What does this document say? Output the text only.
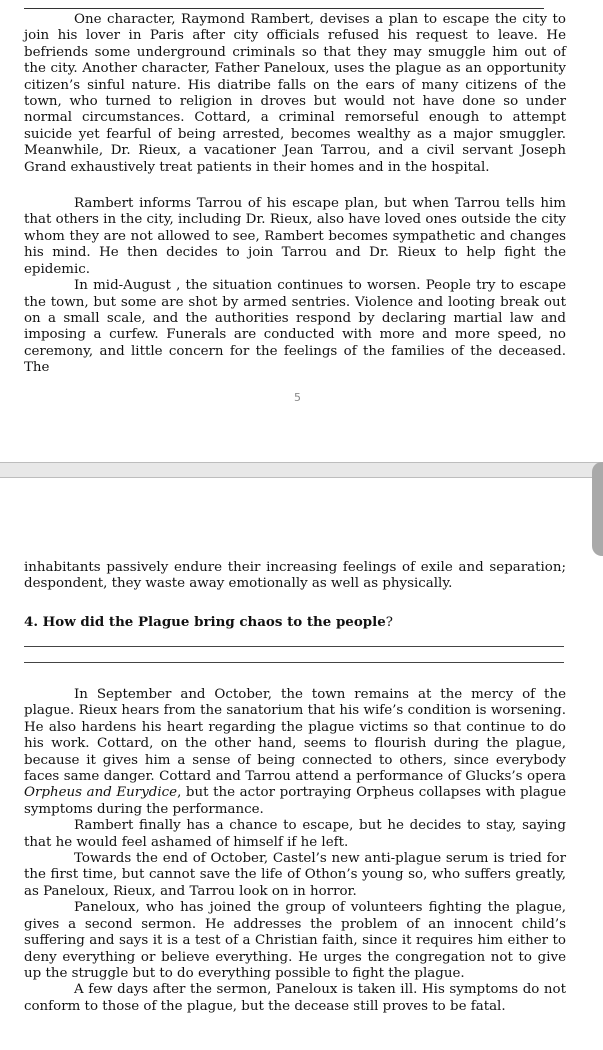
One character, Raymond Rambert, devises a plan to escape the city to join his lover in Paris after city officials refused his request to leave. He befriends some underground criminals so that they may smuggle him out of the city. Another character, Father Paneloux, uses the plague as an opportunity citizen’s sinful nature. His diatribe falls on the ears of many citizens of the town, who turned to religion in droves but would not have done so under normal circumstances. Cottard, a criminal remorseful enough to attempt suicide yet fearful of being arrested, becomes wealthy as a major smuggler. Meanwhile, Dr. Rieux, a vacationer Jean Tarrou, and a civil servant Joseph Grand exhaustively treat patients in their homes and in the hospital.

Rambert informs Tarrou of his escape plan, but when Tarrou tells him that others in the city, including Dr. Rieux, also have loved ones outside the city whom they are not allowed to see, Rambert becomes sympathetic and changes his mind. He then decides to join Tarrou and Dr. Rieux to help fight the epidemic.

In mid-August , the situation continues to worsen. People try to escape the town, but some are shot by armed sentries. Violence and looting break out on a small scale, and the authorities respond by declaring martial law and imposing a curfew. Funerals are conducted with more and more speed, no ceremony, and little concern for the feelings of the families of the deceased. The

5

inhabitants passively endure their increasing feelings of exile and separation; despondent, they waste away emotionally as well as physically.

4. How did the Plague bring chaos to the people?

In September and October, the town remains at the mercy of the plague. Rieux hears from the sanatorium that his wife’s condition is worsening. He also hardens his heart regarding the plague victims so that continue to do his work. Cottard, on the other hand, seems to flourish during the plague, because it gives him a sense of being connected to others, since everybody faces same danger. Cottard and Tarrou attend a performance of Glucks’s opera Orpheus and Eurydice, but the actor portraying Orpheus collapses with plague symptoms during the performance.

Rambert finally has a chance to escape, but he decides to stay, saying that he would feel ashamed of himself if he left.

Towards the end of October, Castel’s new anti-plague serum is tried for the first time, but cannot save the life of Othon’s young so, who suffers greatly, as Paneloux, Rieux, and Tarrou look on in horror.

Paneloux, who has joined the group of volunteers fighting the plague, gives a second sermon. He addresses the problem of an innocent child’s suffering and says it is a test of a Christian faith, since it requires him either to deny everything or believe everything. He urges the congregation not to give up the struggle but to do everything possible to fight the plague.

A few days after the sermon, Paneloux is taken ill. His symptoms do not conform to those of the plague, but the decease still proves to be fatal.
